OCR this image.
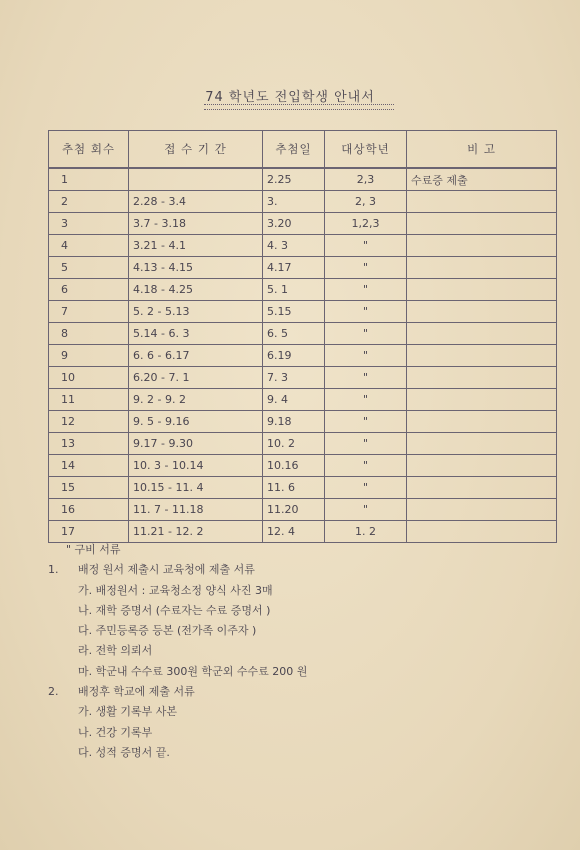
74 학년도 전입학생 안내서
추첨 회수	접 수 기 간	추첨일	대상학년	비 고
1		2.25	2,3	수료증 제출
2	2.28 - 3.4	3.	2, 3	
3	3.7 - 3.18	3.20	1,2,3	
4	3.21 - 4.1	4. 3	"	
5	4.13 - 4.15	4.17	"	
6	4.18 - 4.25	5. 1	"	
7	5. 2 - 5.13	5.15	"	
8	5.14 - 6. 3	6. 5	"	
9	6. 6 - 6.17	6.19	"	
10	6.20 - 7. 1	7. 3	"	
11	9. 2 - 9. 2	9. 4	"	
12	9. 5 - 9.16	9.18	"	
13	9.17 - 9.30	10. 2	"	
14	10. 3 - 10.14	10.16	"	
15	10.15 - 11. 4	11. 6	"	
16	11. 7 - 11.18	11.20	"	
17	11.21 - 12. 2	12. 4	1. 2	
" 구비 서류
1. 배정 원서 제출시 교육청에 제출 서류
가. 배정원서 : 교육청소정 양식 사진 3매
나. 재학 증명서 (수료자는 수료 증명서 )
다. 주민등록증 등본 (전가족 이주자 )
라. 전학 의뢰서
마. 학군내 수수료 300원 학군외 수수료 200 원
2. 배정후 학교에 제출 서류
가. 생활 기록부 사본
나. 건강 기록부
다. 성적 증명서 끝.
